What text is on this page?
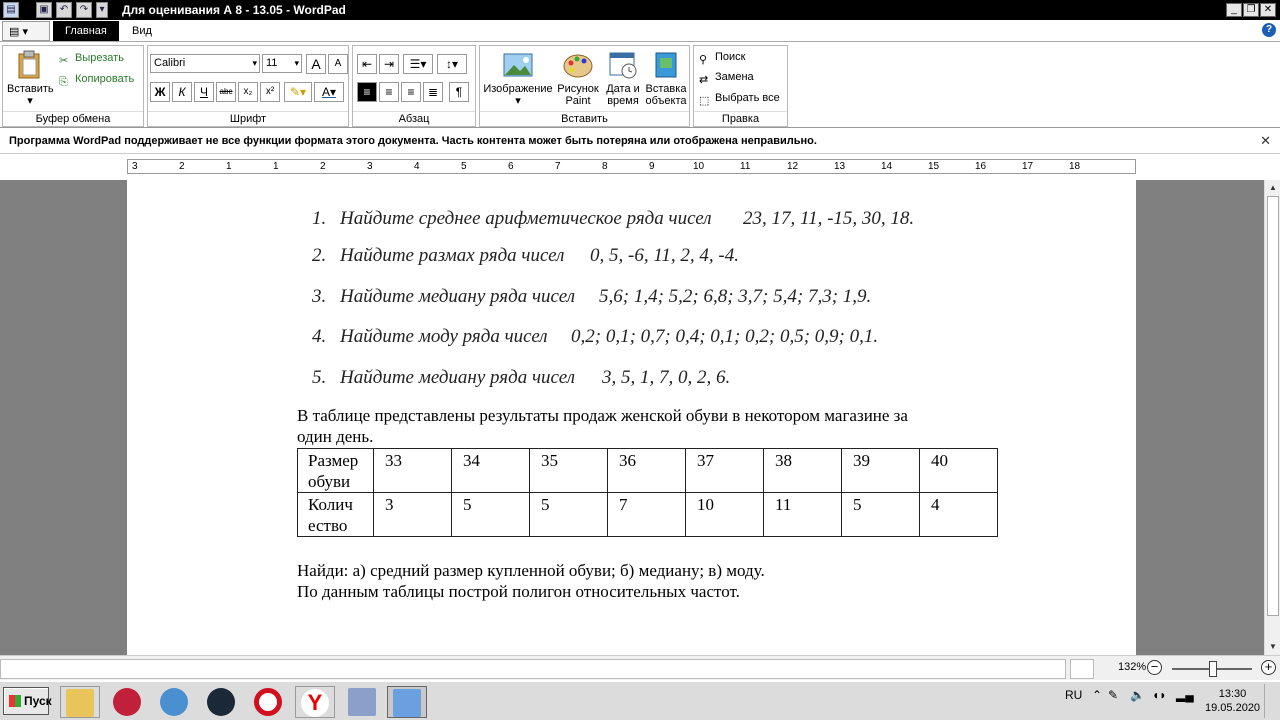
▤	▣	↶	↷	▾ Для оценивания А 8 - 13.05 - WordPad	_ ❐ ✕
▤ ▾	Главная	Вид	?
Вставить
▾
✂ Вырезать
⎘ Копировать
Буфер обмена
Calibri ▾	11 ▾	A	A
Ж	К	Ч	abc	x₂	x²	✎▾	A▾
Шрифт
⇤ ⇥	☰▾	↕▾
≡	≡	≡	≣	¶
Абзац
Изображение
▾
Рисунок Paint
Дата и время
Вставка объекта
Вставить
⚲ Поиск
⇄ Замена
⬚ Выбрать все
Правка
Программа WordPad поддерживает не все функции формата этого документа. Часть контента может быть потеряна или отображена неправильно.	✕
3	2	1	1	2	3	4	5	6	7	8	9	10	11	12	13	14	15	16	17	18
1. Найдите среднее арифметическое ряда чисел 23, 17, 11, -15, 30, 18.
2. Найдите размах ряда чисел 0, 5, -6, 11, 2, 4, -4.
3. Найдите медиану ряда чисел 5,6; 1,4; 5,2; 6,8; 3,7; 5,4; 7,3; 1,9.
4. Найдите моду ряда чисел 0,2; 0,1; 0,7; 0,4; 0,1; 0,2; 0,5; 0,9; 0,1.
5. Найдите медиану ряда чисел 3, 5, 1, 7, 0, 2, 6.
В таблице представлены результаты продаж женской обуви в некотором магазине за
один день.
Размер
обуви	33	34	35	36	37	38	39	40
Колич
ество	3	5	5	7	10	11	5	4
Найди: а) средний размер купленной обуви; б) медиану; в) моду.
По данным таблицы построй полигон относительных частот.
▲
▼
132% −	+
Пуск	Y	RU ⌃ ✎ 🔈 ◖◗ ▂▄	13:30
19.05.2020
